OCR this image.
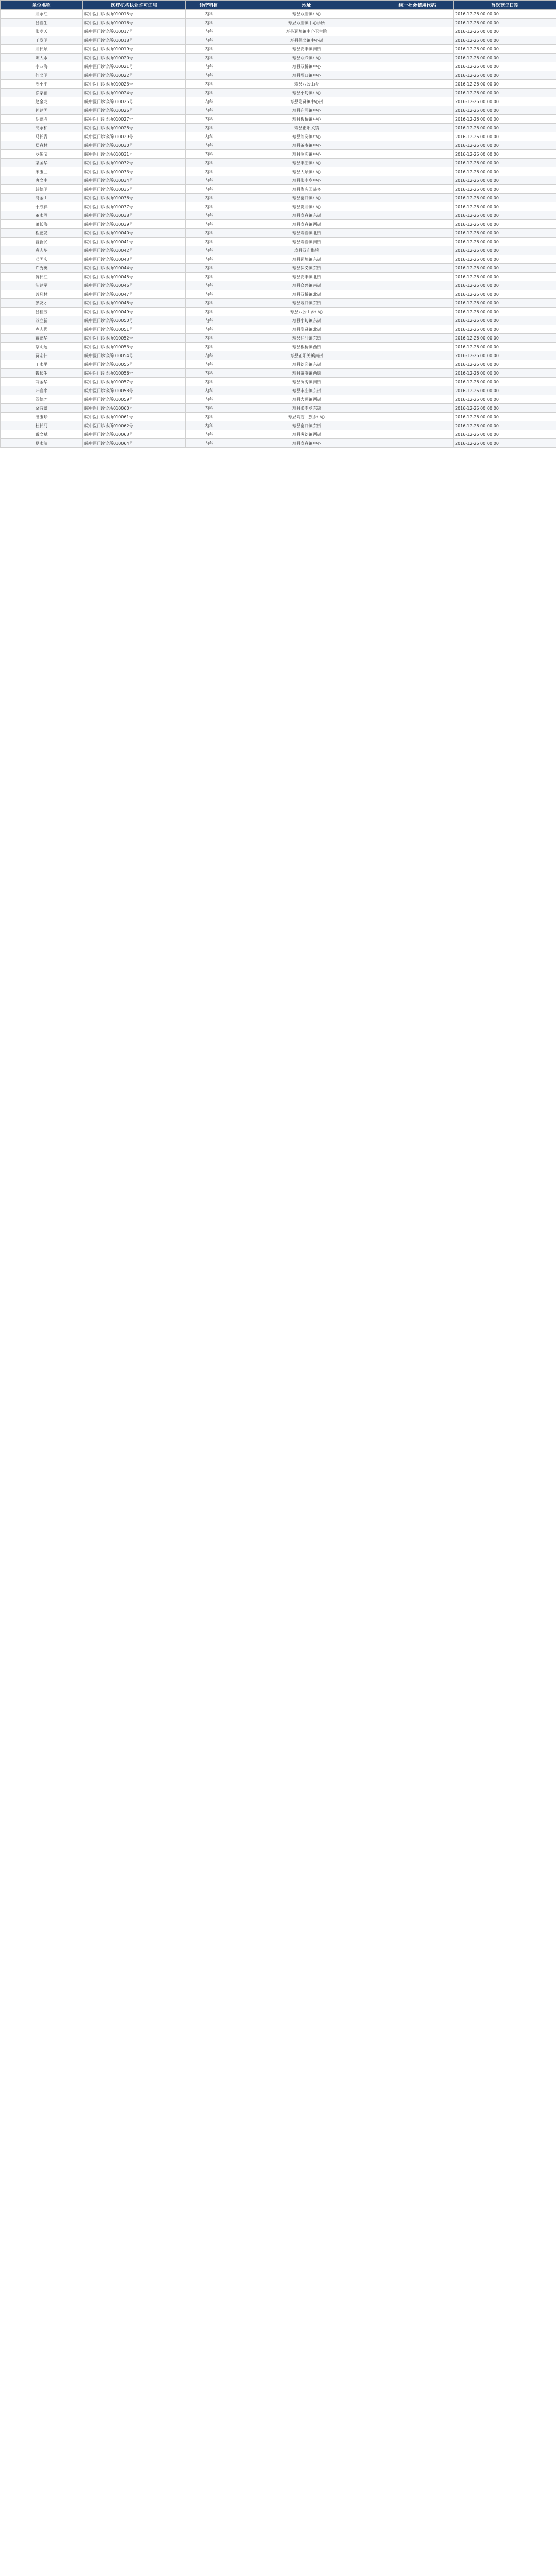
单位名称	医疗机构执业许可证号	诊疗科目	地址	统一社会信用代码	首次登记日期
刘永红	皖中医门诊诊所010015号	内科	寿县双庙镇中心		2016-12-26 00:00:00
吕春生	皖中医门诊诊所010016号	内科	寿县双庙镇中心诊所		2016-12-26 00:00:00
张孝天	皖中医门诊诊所010017号	内科	寿县瓦埠镇中心卫生院		2016-12-26 00:00:00
王发明	皖中医门诊诊所010018号	内科	寿县保义镇中心街		2016-12-26 00:00:00
刘长顺	皖中医门诊诊所010019号	内科	寿县安丰镇南街		2016-12-26 00:00:00
陈大水	皖中医门诊诊所010020号	内科	寿县众兴镇中心		2016-12-26 00:00:00
李四海	皖中医门诊诊所010021号	内科	寿县双桥镇中心		2016-12-26 00:00:00
何义明	皖中医门诊诊所010022号	内科	寿县堰口镇中心		2016-12-26 00:00:00
周小平	皖中医门诊诊所010023号	内科	寿县八公山乡		2016-12-26 00:00:00
徐家福	皖中医门诊诊所010024号	内科	寿县小甸镇中心		2016-12-26 00:00:00
赵金龙	皖中医门诊诊所010025号	内科	寿县隐贤镇中心街		2016-12-26 00:00:00
孙建国	皖中医门诊诊所010026号	内科	寿县迎河镇中心		2016-12-26 00:00:00
胡德胜	皖中医门诊诊所010027号	内科	寿县板桥镇中心		2016-12-26 00:00:00
高永和	皖中医门诊诊所010028号	内科	寿县正阳关镇		2016-12-26 00:00:00
马长青	皖中医门诊诊所010029号	内科	寿县刘岗镇中心		2016-12-26 00:00:00
郑春林	皖中医门诊诊所010030号	内科	寿县茶庵镇中心		2016-12-26 00:00:00
罗传宝	皖中医门诊诊所010031号	内科	寿县涧沟镇中心		2016-12-26 00:00:00
梁国华	皖中医门诊诊所010032号	内科	寿县丰庄镇中心		2016-12-26 00:00:00
宋玉兰	皖中医门诊诊所010033号	内科	寿县大顺镇中心		2016-12-26 00:00:00
唐文中	皖中医门诊诊所010034号	内科	寿县张李乡中心		2016-12-26 00:00:00
韩德明	皖中医门诊诊所010035号	内科	寿县陶店回族乡		2016-12-26 00:00:00
冯金山	皖中医门诊诊所010036号	内科	寿县窑口镇中心		2016-12-26 00:00:00
于成祥	皖中医门诊诊所010037号	内科	寿县炎刘镇中心		2016-12-26 00:00:00
董永胜	皖中医门诊诊所010038号	内科	寿县寿春镇东街		2016-12-26 00:00:00
萧长海	皖中医门诊诊所010039号	内科	寿县寿春镇西街		2016-12-26 00:00:00
程德发	皖中医门诊诊所010040号	内科	寿县寿春镇北街		2016-12-26 00:00:00
曹新民	皖中医门诊诊所010041号	内科	寿县寿春镇南街		2016-12-26 00:00:00
袁志华	皖中医门诊诊所010042号	内科	寿县双庙集镇		2016-12-26 00:00:00
邓国庆	皖中医门诊诊所010043号	内科	寿县瓦埠镇东街		2016-12-26 00:00:00
许秀英	皖中医门诊诊所010044号	内科	寿县保义镇东街		2016-12-26 00:00:00
傅长江	皖中医门诊诊所010045号	内科	寿县安丰镇北街		2016-12-26 00:00:00
沈建军	皖中医门诊诊所010046号	内科	寿县众兴镇南街		2016-12-26 00:00:00
曾凡林	皖中医门诊诊所010047号	内科	寿县双桥镇北街		2016-12-26 00:00:00
彭友才	皖中医门诊诊所010048号	内科	寿县堰口镇东街		2016-12-26 00:00:00
吕桂芳	皖中医门诊诊所010049号	内科	寿县八公山乡中心		2016-12-26 00:00:00
苏立新	皖中医门诊诊所010050号	内科	寿县小甸镇东街		2016-12-26 00:00:00
卢志强	皖中医门诊诊所010051号	内科	寿县隐贤镇北街		2016-12-26 00:00:00
蒋德华	皖中医门诊诊所010052号	内科	寿县迎河镇东街		2016-12-26 00:00:00
蔡明远	皖中医门诊诊所010053号	内科	寿县板桥镇西街		2016-12-26 00:00:00
贾宏伟	皖中医门诊诊所010054号	内科	寿县正阳关镇南街		2016-12-26 00:00:00
丁永平	皖中医门诊诊所010055号	内科	寿县刘岗镇东街		2016-12-26 00:00:00
魏长生	皖中医门诊诊所010056号	内科	寿县茶庵镇西街		2016-12-26 00:00:00
薛金华	皖中医门诊诊所010057号	内科	寿县涧沟镇南街		2016-12-26 00:00:00
叶春来	皖中医门诊诊所010058号	内科	寿县丰庄镇东街		2016-12-26 00:00:00
阎德才	皖中医门诊诊所010059号	内科	寿县大顺镇西街		2016-12-26 00:00:00
余有富	皖中医门诊诊所010060号	内科	寿县张李乡东街		2016-12-26 00:00:00
潘玉珍	皖中医门诊诊所010061号	内科	寿县陶店回族乡中心		2016-12-26 00:00:00
杜长河	皖中医门诊诊所010062号	内科	寿县窑口镇东街		2016-12-26 00:00:00
戴文斌	皖中医门诊诊所010063号	内科	寿县炎刘镇西街		2016-12-26 00:00:00
夏永清	皖中医门诊诊所010064号	内科	寿县寿春镇中心		2016-12-26 00:00:00
